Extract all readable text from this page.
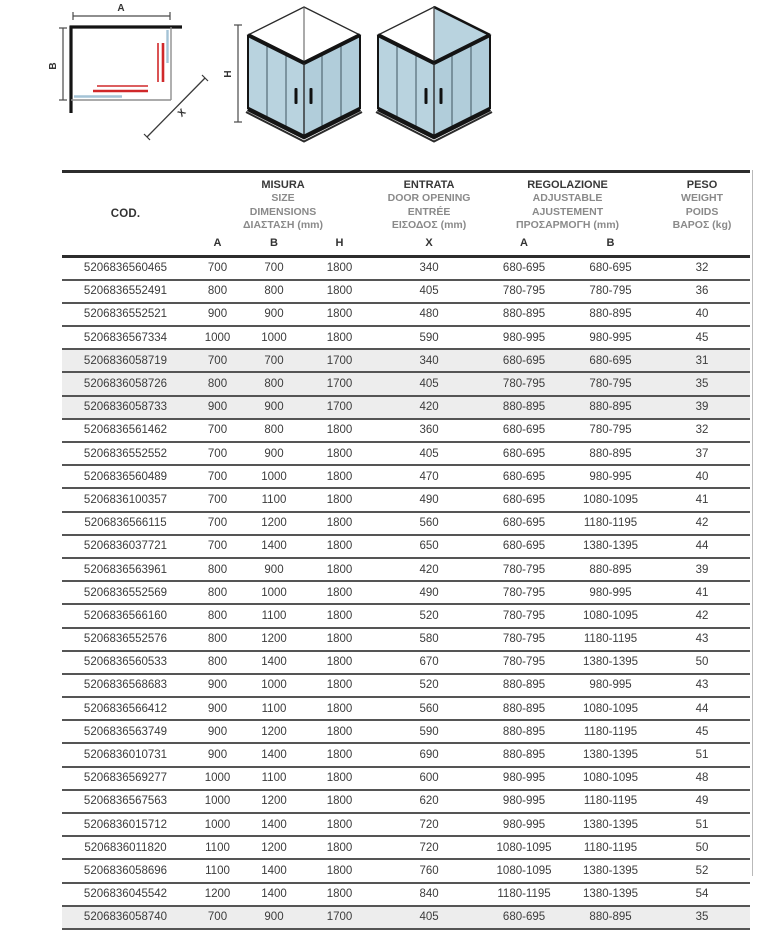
A
B
X
H
COD.	MISURA
SIZE
DIMENSIONS
ΔΙΑΣΤΑΣΗ (mm)			ENTRATA
DOOR OPENING
ENTRÉE
ΕΙΣΟΔΟΣ (mm)	REGOLAZIONE
ADJUSTABLE
AJUSTEMENT
ΠΡΟΣΑΡΜΟΓΗ (mm)		PESO
WEIGHT
POIDS
ΒΑΡΟΣ (kg)

	A	B	H	X	A	B	
5206836560465	700	700	1800	340	680-695	680-695	32
5206836552491	800	800	1800	405	780-795	780-795	36
5206836552521	900	900	1800	480	880-895	880-895	40
5206836567334	1000	1000	1800	590	980-995	980-995	45
5206836058719	700	700	1700	340	680-695	680-695	31
5206836058726	800	800	1700	405	780-795	780-795	35
5206836058733	900	900	1700	420	880-895	880-895	39
5206836561462	700	800	1800	360	680-695	780-795	32
5206836552552	700	900	1800	405	680-695	880-895	37
5206836560489	700	1000	1800	470	680-695	980-995	40
5206836100357	700	1100	1800	490	680-695	1080-1095	41
5206836566115	700	1200	1800	560	680-695	1180-1195	42
5206836037721	700	1400	1800	650	680-695	1380-1395	44
5206836563961	800	900	1800	420	780-795	880-895	39
5206836552569	800	1000	1800	490	780-795	980-995	41
5206836566160	800	1100	1800	520	780-795	1080-1095	42
5206836552576	800	1200	1800	580	780-795	1180-1195	43
5206836560533	800	1400	1800	670	780-795	1380-1395	50
5206836568683	900	1000	1800	520	880-895	980-995	43
5206836566412	900	1100	1800	560	880-895	1080-1095	44
5206836563749	900	1200	1800	590	880-895	1180-1195	45
5206836010731	900	1400	1800	690	880-895	1380-1395	51
5206836569277	1000	1100	1800	600	980-995	1080-1095	48
5206836567563	1000	1200	1800	620	980-995	1180-1195	49
5206836015712	1000	1400	1800	720	980-995	1380-1395	51
5206836011820	1100	1200	1800	720	1080-1095	1180-1195	50
5206836058696	1100	1400	1800	760	1080-1095	1380-1395	52
5206836045542	1200	1400	1800	840	1180-1195	1380-1395	54
5206836058740	700	900	1700	405	680-695	880-895	35
